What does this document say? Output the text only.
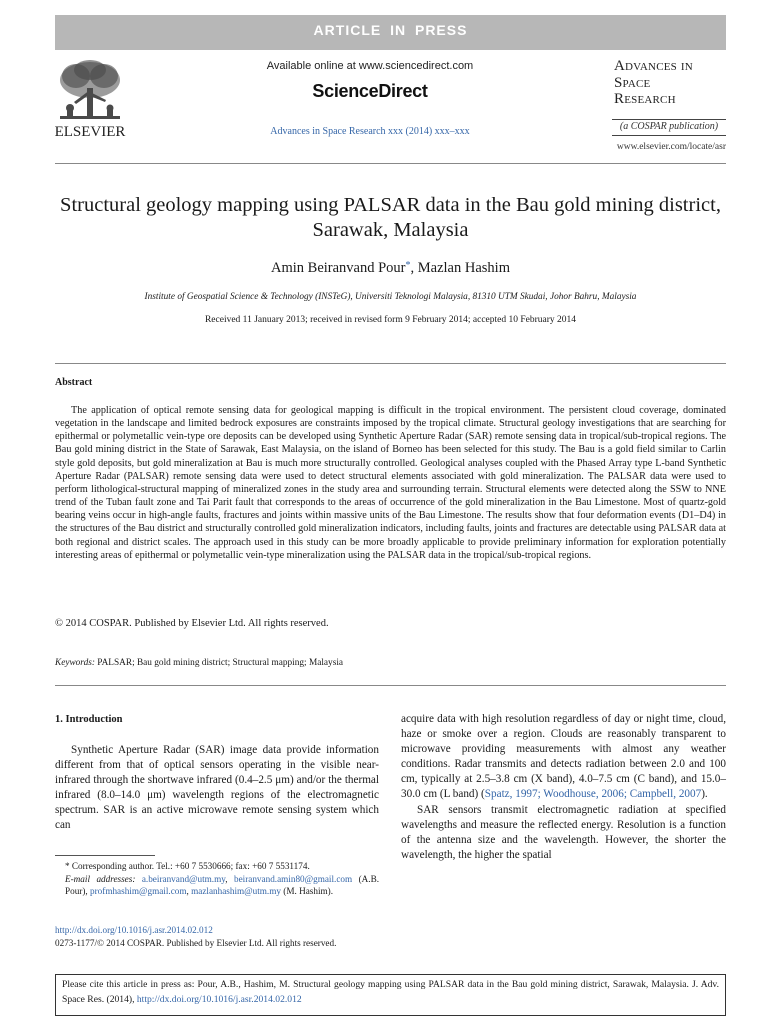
ARTICLE IN PRESS
ELSEVIER
Available online at www.sciencedirect.com
ScienceDirect
Advances in Space Research xxx (2014) xxx–xxx
Advances in
Space
Research
(a COSPAR publication)
www.elsevier.com/locate/asr
Structural geology mapping using PALSAR data in the Bau gold mining district, Sarawak, Malaysia
Amin Beiranvand Pour*, Mazlan Hashim
Institute of Geospatial Science & Technology (INSTeG), Universiti Teknologi Malaysia, 81310 UTM Skudai, Johor Bahru, Malaysia
Received 11 January 2013; received in revised form 9 February 2014; accepted 10 February 2014
Abstract
The application of optical remote sensing data for geological mapping is difficult in the tropical environment. The persistent cloud coverage, dominated vegetation in the landscape and limited bedrock exposures are constraints imposed by the tropical climate. Structural geology investigations that are searching for epithermal or polymetallic vein-type ore deposits can be developed using Synthetic Aperture Radar (SAR) remote sensing data in tropical/sub-tropical regions. The Bau gold mining district in the State of Sarawak, East Malaysia, on the island of Borneo has been selected for this study. The Bau is a gold field similar to Carlin style gold deposits, but gold mineralization at Bau is much more structurally controlled. Geological analyses coupled with the Phased Array type L-band Synthetic Aperture Radar (PALSAR) remote sensing data were used to detect structural elements associated with gold mineralization. The PALSAR data were used to perform lithological-structural mapping of mineralized zones in the study area and surrounding terrain. Structural elements were detected along the SSW to NNE trend of the Tuban fault zone and Tai Parit fault that corresponds to the areas of occurrence of the gold mineralization in the Bau Limestone. Most of quartz-gold bearing veins occur in high-angle faults, fractures and joints within massive units of the Bau Limestone. The results show that four deformation events (D1–D4) in the structures of the Bau district and structurally controlled gold mineralization indicators, including faults, joints and fractures are detectable using PALSAR data at both regional and district scales. The approach used in this study can be more broadly applicable to provide preliminary information for exploration potentially interesting areas of epithermal or polymetallic vein-type mineralization using the PALSAR data in the tropical/sub-tropical regions.
© 2014 COSPAR. Published by Elsevier Ltd. All rights reserved.
Keywords: PALSAR; Bau gold mining district; Structural mapping; Malaysia
1. Introduction
Synthetic Aperture Radar (SAR) image data provide information different from that of optical sensors operating in the visible near-infrared through the shortwave infrared (0.4–2.5 μm) and/or the thermal infrared (8.0–14.0 μm) wavelength regions of the electromagnetic spectrum. SAR is an active microwave remote sensing system which can
acquire data with high resolution regardless of day or night time, cloud, haze or smoke over a region. Clouds are reasonably transparent to microwave providing measurements with almost any weather conditions. Radar transmits and detects radiation between 2.0 and 100 cm, typically at 2.5–3.8 cm (X band), 4.0–7.5 cm (C band), and 15.0–30.0 cm (L band) (Spatz, 1997; Woodhouse, 2006; Campbell, 2007).
SAR sensors transmit electromagnetic radiation at specified wavelengths and measure the reflected energy. Resolution is a function of the antenna size and the wavelength. However, the shorter the wavelength, the higher the spatial
* Corresponding author. Tel.: +60 7 5530666; fax: +60 7 5531174.
E-mail addresses: a.beiranvand@utm.my, beiranvand.amin80@gmail.com (A.B. Pour), profmhashim@gmail.com, mazlanhashim@utm.my (M. Hashim).
http://dx.doi.org/10.1016/j.asr.2014.02.012
0273-1177/© 2014 COSPAR. Published by Elsevier Ltd. All rights reserved.
Please cite this article in press as: Pour, A.B., Hashim, M. Structural geology mapping using PALSAR data in the Bau gold mining district, Sarawak, Malaysia. J. Adv. Space Res. (2014), http://dx.doi.org/10.1016/j.asr.2014.02.012
